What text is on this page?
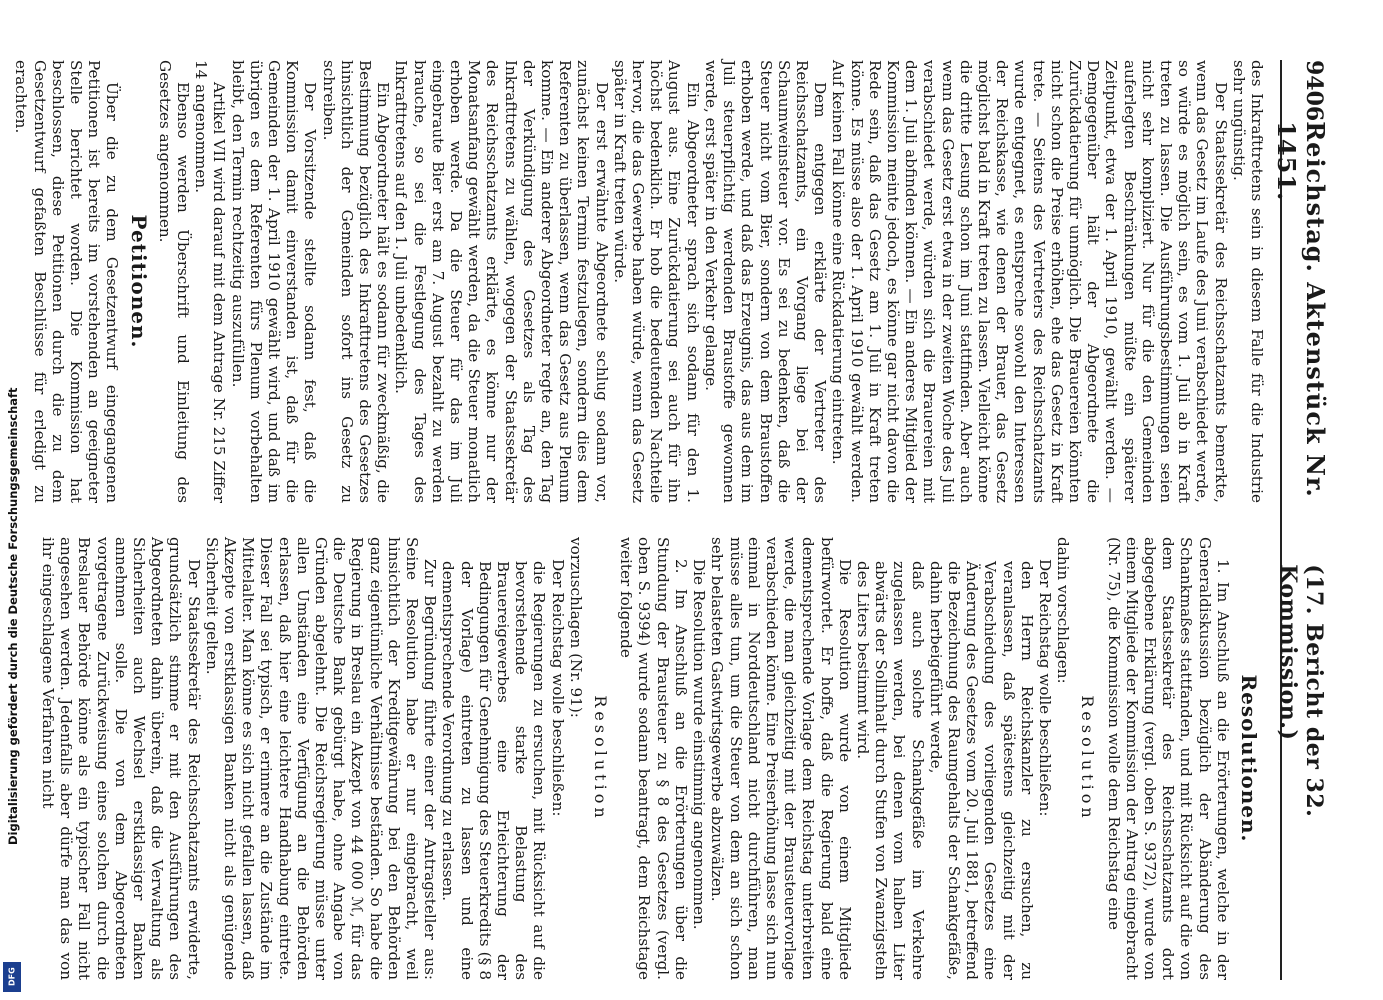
Digitalisierung gefördert durch die Deutsche Forschungsgemeinschaft
DFG
9406
Reichstag. Aktenstück Nr. 1451.
(17. Bericht der 32. Kommission.)

des Inkrafttretens sein in diesem Falle für die Industrie sehr ungünstig.

Der Staatssekretär des Reichsschatzamts bemerkte, wenn das Gesetz im Laufe des Juni verabschiedet werde, so würde es möglich sein, es vom 1. Juli ab in Kraft treten zu lassen. Die Ausführungsbestimmungen seien nicht sehr kompliziert. Nur für die den Gemeinden auferlegten Beschränkungen müßte ein späterer Zeitpunkt, etwa der 1. April 1910, gewählt werden. — Demgegenüber hält der Abgeordnete die Zurückdatierung für unmöglich. Die Brauereien könnten nicht schon die Preise erhöhen, ehe das Gesetz in Kraft trete. — Seitens des Vertreters des Reichsschatzamts wurde entgegnet, es entspreche sowohl den Interessen der Reichskasse, wie denen der Brauer, das Gesetz möglichst bald in Kraft treten zu lassen. Vielleicht könne die dritte Lesung schon im Juni stattfinden. Aber auch wenn das Gesetz erst etwa in der zweiten Woche des Juli verabschiedet werde, würden sich die Brauereien mit dem 1. Juli abfinden können. — Ein anderes Mitglied der Kommission meinte jedoch, es könne gar nicht davon die Rede sein, daß das Gesetz am 1. Juli in Kraft treten könne. Es müsse also der 1. April 1910 gewählt werden. Auf keinen Fall könne eine Rückdatierung eintreten.

Dem entgegen erklärte der Vertreter des Reichsschatzamts, ein Vorgang liege bei der Schaumweinsteuer vor. Es sei zu bedenken, daß die Steuer nicht vom Bier, sondern von dem Braustoffen erhoben werde, und daß das Erzeugnis, das aus dem im Juli steuerpflichtig werdenden Braustoffe gewonnen werde, erst später in den Verkehr gelange.

Ein Abgeordneter sprach sich sodann für den 1. August aus. Eine Zurückdatierung sei auch für ihn höchst bedenklich. Er hob die bedeutenden Nachteile hervor, die das Gewerbe haben würde, wenn das Gesetz später in Kraft treten würde.

Der erst erwähnte Abgeordnete schlug sodann vor, zunächst keinen Termin festzulegen, sondern dies dem Referenten zu überlassen, wenn das Gesetz aus Plenum komme. — Ein anderer Abgeordneter regte an, den Tag der Verkündigung des Gesetzes als Tag des Inkrafttretens zu wählen, wogegen der Staatssekretär des Reichsschatzamts erklärte, es könne nur der Monatsanfang gewählt werden, da die Steuer monatlich erhoben werde. Da die Steuer für das im Juli eingebraute Bier erst am 7. August bezahlt zu werden brauche, so sei die Festlegung des Tages des Inkrafttretens auf den 1. Juli unbedenklich.

Ein Abgeordneter hält es sodann für zweckmäßig, die Bestimmung bezüglich des Inkrafttretens des Gesetzes hinsichtlich der Gemeinden sofort ins Gesetz zu schreiben.

Der Vorsitzende stellte sodann fest, daß die Kommission damit einverstanden ist, daß für die Gemeinden der 1. April 1910 gewählt wird, und daß im übrigen es dem Referenten fürs Plenum vorbehalten bleibt, den Termin rechtzeitig auszufüllen.

Artikel VII wird darauf mit dem Antrage Nr. 215 Ziffer 14 angenommen.

Ebenso werden Überschrift und Einleitung des Gesetzes angenommen.

Petitionen.

Über die zu dem Gesetzentwurf eingegangenen Petitionen ist bereits im vorstehenden an geeigneter Stelle berichtet worden. Die Kommission hat beschlossen, diese Petitionen durch die zu dem Gesetzentwurf gefaßten Beschlüsse für erledigt zu erachten.

Resolutionen.

1. Im Anschluß an die Erörterungen, welche in der Generaldiskussion bezüglich der Abänderung des Schankmaßes stattfanden, und mit Rücksicht auf die von dem Staatssekretär des Reichsschatzamts dort abgegebene Erklärung (vergl. oben S. 9372), wurde von einem Mitgliede der Kommission der Antrag eingebracht (Nr. 75), die Kommission wolle dem Reichstag eine

Resolution

dahin vorschlagen:

Der Reichstag wolle beschließen:

den Herrn Reichskanzler zu ersuchen, zu veranlassen, daß spätestens gleichzeitig mit der Verabschiedung des vorliegenden Gesetzes eine Änderung des Gesetzes vom 20. Juli 1881, betreffend die Bezeichnung des Raumgehalts der Schankgefäße, dahin herbeigeführt werde,

daß auch solche Schankgefäße im Verkehre zugelassen werden, bei denen vom halben Liter abwärts der Sollinhalt durch Stufen von Zwanzigsteln des Liters bestimmt wird.

Die Resolution wurde von einem Mitgliede befürwortet. Er hoffe, daß die Regierung bald eine dementsprechende Vorlage dem Reichstag unterbreiten werde, die man gleichzeitig mit der Brausteuervorlage verabschieden könne. Eine Preiserhöhung lasse sich nun einmal in Norddeutschland nicht durchführen, man müsse alles tun, um die Steuer von dem an sich schon sehr belasteten Gastwirtsgewerbe abzuwälzen.

Die Resolution wurde einstimmig angenommen.

2. Im Anschluß an die Erörterungen über die Stundung der Brausteuer zu § 8 des Gesetzes (vergl. oben S. 9394) wurde sodann beantragt, dem Reichstage weiter folgende

Resolution

vorzuschlagen (Nr. 91):

Der Reichstag wolle beschließen:

die Regierungen zu ersuchen, mit Rücksicht auf die bevorstehende starke Belastung des Brauereigewerbes eine Erleichterung der Bedingungen für Genehmigung des Steuerkredits (§ 8 der Vorlage) eintreten zu lassen und eine dementsprechende Verordnung zu erlassen.

Zur Begründung führte einer der Antragsteller aus: Seine Resolution habe er nur eingebracht, weil hinsichtlich der Kreditgewährung bei den Behörden ganz eigentümliche Verhältnisse beständen. So habe die Regierung in Breslau ein Akzept von 44 000 ℳ, für das die Deutsche Bank gebürgt habe, ohne Angabe von Gründen abgelehnt. Die Reichsregierung müsse unter allen Umständen eine Verfügung an die Behörden erlassen, daß hier eine leichtere Handhabung eintrete. Dieser Fall sei typisch, er erinnere an die Zustände im Mittelalter. Man könne es sich nicht gefallen lassen, daß Akzepte von erstklassigen Banken nicht als genügende Sicherheit gelten.

Der Staatssekretär des Reichsschatzamts erwiderte, grundsätzlich stimme er mit den Ausführungen des Abgeordneten dahin überein, daß die Verwaltung als Sicherheiten auch Wechsel erstklassiger Banken annehmen solle. Die von dem Abgeordneten vorgetragene Zurückweisung eines solchen durch die Breslauer Behörde könne als ein typischer Fall nicht angesehen werden. Jedenfalls aber dürfe man das von ihr eingeschlagene Verfahren nicht
